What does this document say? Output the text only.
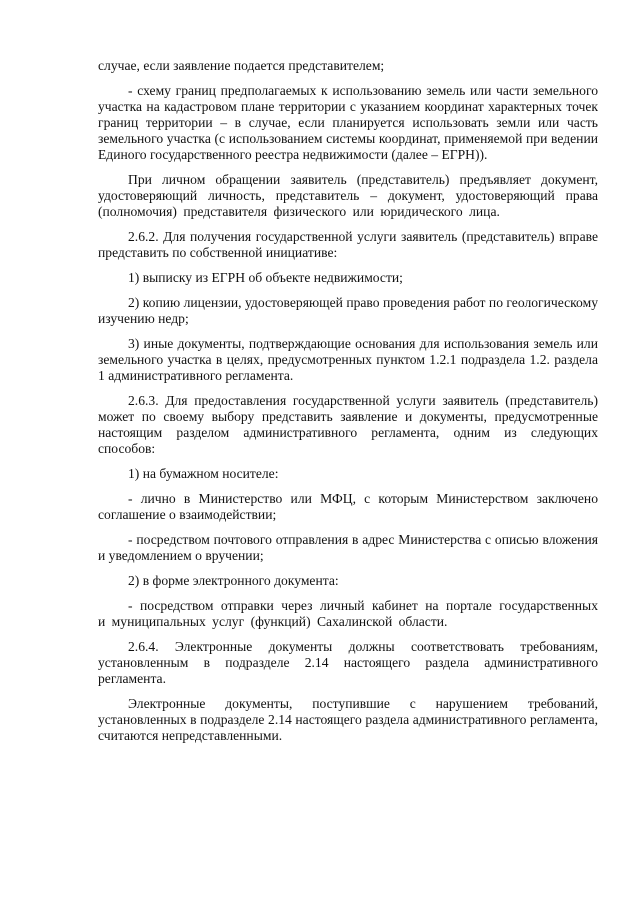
случае, если заявление подается представителем;

- схему границ предполагаемых к использованию земель или части земельного участка на кадастровом плане территории с указанием координат характерных точек границ территории – в случае, если планируется использовать земли или часть земельного участка (с использованием системы координат, применяемой при ведении Единого государственного реестра недвижимости (далее – ЕГРН)).

При личном обращении заявитель (представитель) предъявляет документ, удостоверяющий личность, представитель – документ, удостоверяющий права (полномочия) представителя физического или юридического лица.

2.6.2. Для получения государственной услуги заявитель (представитель) вправе представить по собственной инициативе:

1) выписку из ЕГРН об объекте недвижимости;

2) копию лицензии, удостоверяющей право проведения работ по геологическому изучению недр;

3) иные документы, подтверждающие основания для использования земель или земельного участка в целях, предусмотренных пунктом 1.2.1 подраздела 1.2. раздела 1 административного регламента.

2.6.3. Для предоставления государственной услуги заявитель (представитель) может по своему выбору представить заявление и документы, предусмотренные настоящим разделом административного регламента, одним из следующих способов:

1) на бумажном носителе:

- лично в Министерство или МФЦ, с которым Министерством заключено соглашение о взаимодействии;

- посредством почтового отправления в адрес Министерства с описью вложения и уведомлением о вручении;

2) в форме электронного документа:

- посредством отправки через личный кабинет на портале государственных и муниципальных услуг (функций) Сахалинской области.

2.6.4. Электронные документы должны соответствовать требованиям, установленным в подразделе 2.14 настоящего раздела административного регламента.

Электронные документы, поступившие с нарушением требований, установленных в подразделе 2.14 настоящего раздела административного регламента, считаются непредставленными.
